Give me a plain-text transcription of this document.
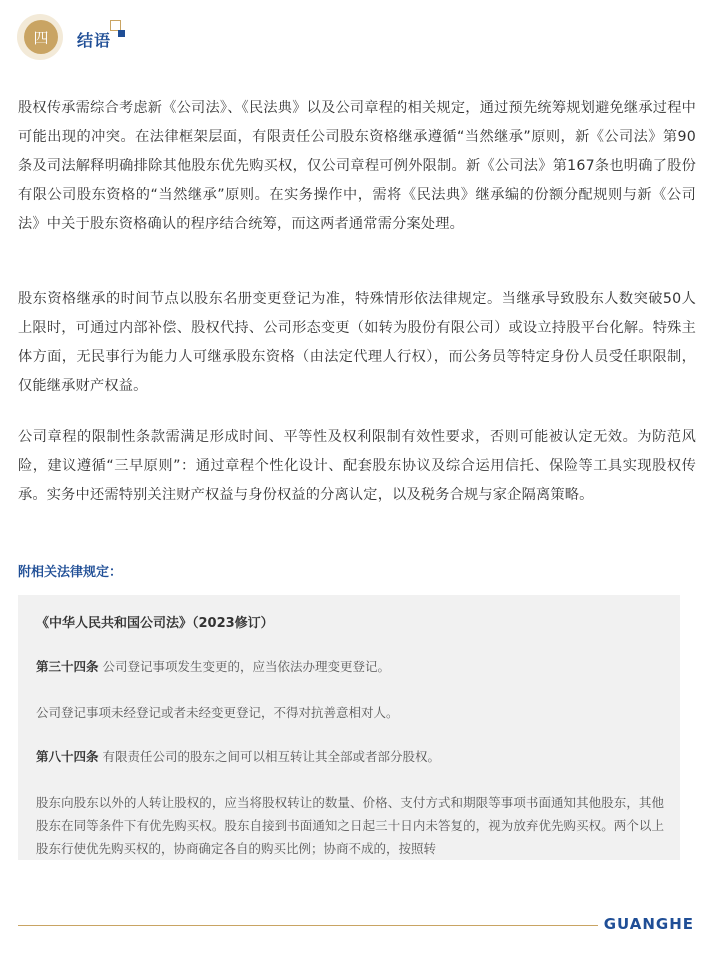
四 结语

股权传承需综合考虑新《公司法》、《民法典》以及公司章程的相关规定，通过预先统筹规划避免继承过程中可能出现的冲突。在法律框架层面，有限责任公司股东资格继承遵循“当然继承”原则，新《公司法》第90条及司法解释明确排除其他股东优先购买权，仅公司章程可例外限制。新《公司法》第167条也明确了股份有限公司股东资格的“当然继承”原则。在实务操作中，需将《民法典》继承编的份额分配规则与新《公司法》中关于股东资格确认的程序结合统筹，而这两者通常需分案处理。

股东资格继承的时间节点以股东名册变更登记为准，特殊情形依法律规定。当继承导致股东人数突破50人上限时，可通过内部补偿、股权代持、公司形态变更（如转为股份有限公司）或设立持股平台化解。特殊主体方面，无民事行为能力人可继承股东资格（由法定代理人行权），而公务员等特定身份人员受任职限制，仅能继承财产权益。

公司章程的限制性条款需满足形成时间、平等性及权利限制有效性要求，否则可能被认定无效。为防范风险，建议遵循“三早原则”：通过章程个性化设计、配套股东协议及综合运用信托、保险等工具实现股权传承。实务中还需特别关注财产权益与身份权益的分离认定，以及税务合规与家企隔离策略。

附相关法律规定：
《中华人民共和国公司法》（2023修订）

第三十四条 公司登记事项发生变更的，应当依法办理变更登记。

公司登记事项未经登记或者未经变更登记，不得对抗善意相对人。

第八十四条 有限责任公司的股东之间可以相互转让其全部或者部分股权。

股东向股东以外的人转让股权的，应当将股权转让的数量、价格、支付方式和期限等事项书面通知其他股东，其他股东在同等条件下有优先购买权。股东自接到书面通知之日起三十日内未答复的，视为放弃优先购买权。两个以上股东行使优先购买权的，协商确定各自的购买比例；协商不成的，按照转

GUANGHE
